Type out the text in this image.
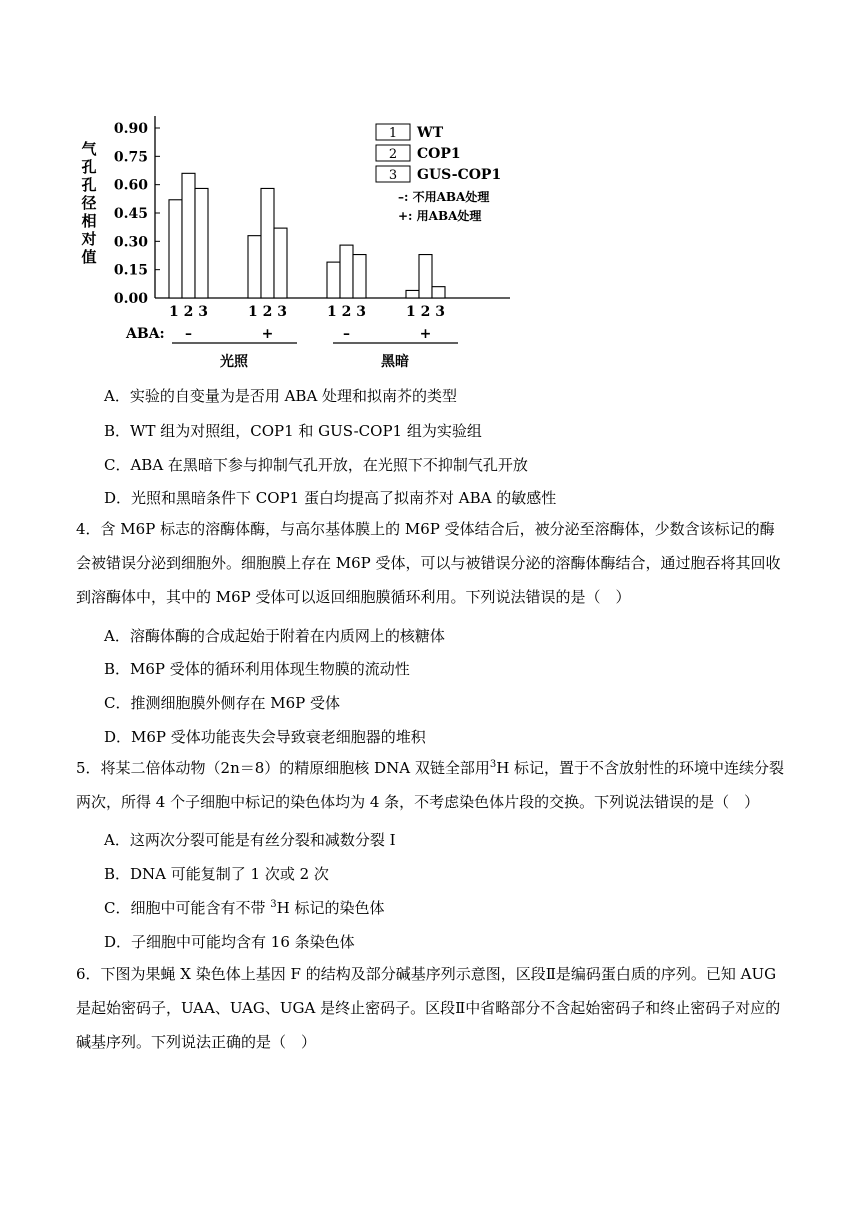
气
孔
孔
径
相
对
值
0.90
0.75
0.60
0.45
0.30
0.15
0.00
1 2 3
–
1 2 3
+
1 2 3
–
1 2 3
+
ABA:
光照	黑暗
1 WT
2 COP1
3 GUS-COP1
–: 不用ABA处理
+: 用ABA处理
A．实验的自变量为是否用 ABA 处理和拟南芥的类型
B．WT 组为对照组，COP1 和 GUS-COP1 组为实验组
C．ABA 在黑暗下参与抑制气孔开放，在光照下不抑制气孔开放
D．光照和黑暗条件下 COP1 蛋白均提高了拟南芥对 ABA 的敏感性
4．含 M6P 标志的溶酶体酶，与高尔基体膜上的 M6P 受体结合后，被分泌至溶酶体，少数含该标记的酶会被错误分泌到细胞外。细胞膜上存在 M6P 受体，可以与被错误分泌的溶酶体酶结合，通过胞吞将其回收到溶酶体中，其中的 M6P 受体可以返回细胞膜循环利用。下列说法错误的是（　）
A．溶酶体酶的合成起始于附着在内质网上的核糖体
B．M6P 受体的循环利用体现生物膜的流动性
C．推测细胞膜外侧存在 M6P 受体
D．M6P 受体功能丧失会导致衰老细胞器的堆积
5．将某二倍体动物（2n＝8）的精原细胞核 DNA 双链全部用$^3$H 标记，置于不含放射性的环境中连续分裂两次，所得 4 个子细胞中标记的染色体均为 4 条，不考虑染色体片段的交换。下列说法错误的是（　）
A．这两次分裂可能是有丝分裂和减数分裂 Ⅰ
B．DNA 可能复制了 1 次或 2 次
C．细胞中可能含有不带 $^3$H 标记的染色体
D．子细胞中可能均含有 16 条染色体
6．下图为果蝇 X 染色体上基因 F 的结构及部分碱基序列示意图，区段Ⅱ是编码蛋白质的序列。已知 AUG 是起始密码子，UAA、UAG、UGA 是终止密码子。区段Ⅱ中省略部分不含起始密码子和终止密码子对应的碱基序列。下列说法正确的是（　）
